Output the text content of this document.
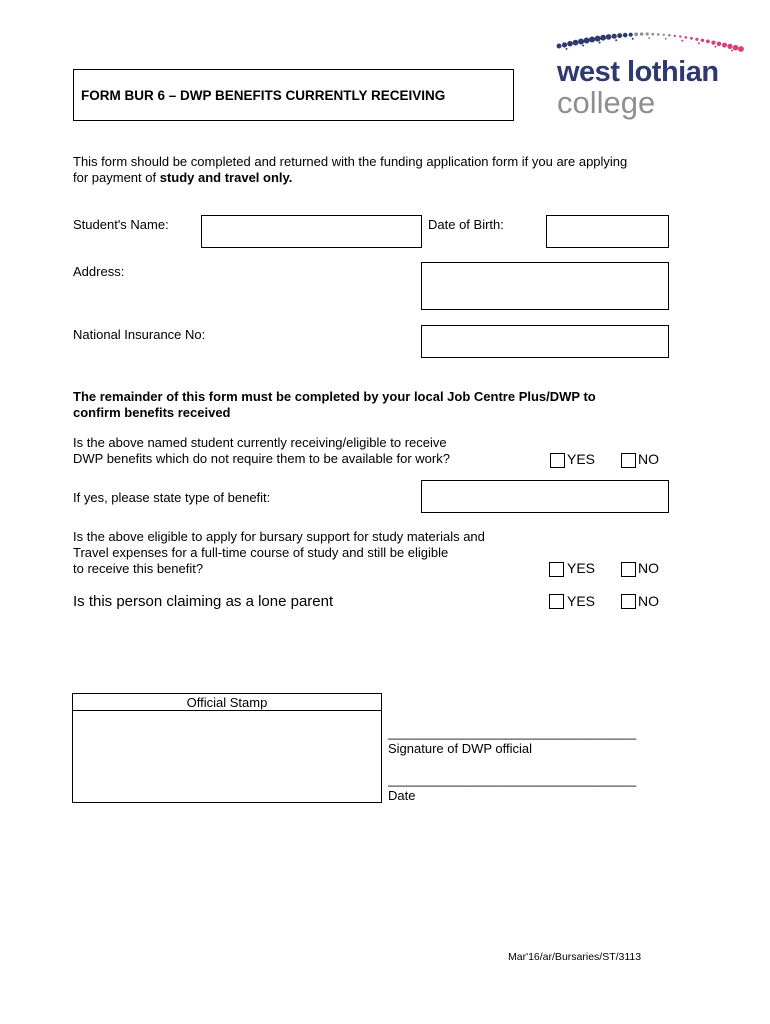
FORM BUR 6 – DWP BENEFITS CURRENTLY RECEIVING
west lothian
college
This form should be completed and returned with the funding application form if you are applying
for payment of study and travel only.
Student's Name:	Date of Birth:
Address:
National Insurance No:
The remainder of this form must be completed by your local Job Centre Plus/DWP to
confirm benefits received
Is the above named student currently receiving/eligible to receive
DWP benefits which do not require them to be available for work?	YES	NO
If yes, please state type of benefit:
Is the above eligible to apply for bursary support for study materials and
Travel expenses for a full-time course of study and still be eligible
to receive this benefit?	YES	NO
Is this person claiming as a lone parent	YES	NO
Official Stamp
_________________________________
Signature of DWP official
_________________________________
Date
Mar'16/ar/Bursaries/ST/3113
